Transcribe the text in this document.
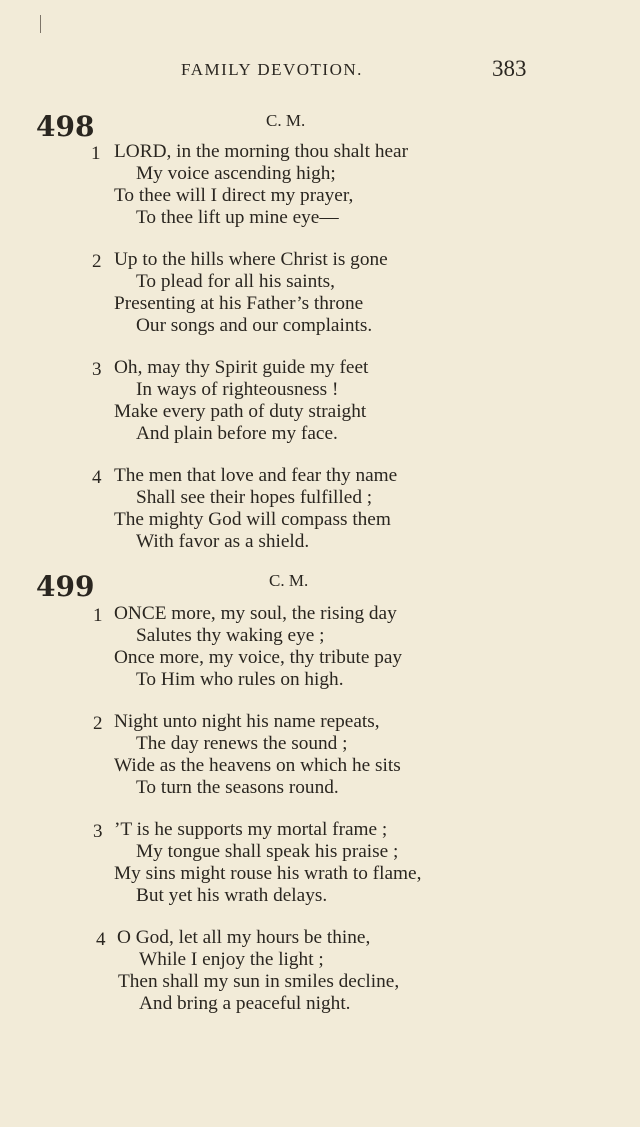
FAMILY DEVOTION.	383
498	C. M.
1 LORD, in the morning thou shalt hear
My voice ascending high;
To thee will I direct my prayer,
To thee lift up mine eye—
2 Up to the hills where Christ is gone
To plead for all his saints,
Presenting at his Father’s throne
Our songs and our complaints.
3 Oh, may thy Spirit guide my feet
In ways of righteousness !
Make every path of duty straight
And plain before my face.
4 The men that love and fear thy name
Shall see their hopes fulfilled ;
The mighty God will compass them
With favor as a shield.
499	C. M.
1 ONCE more, my soul, the rising day
Salutes thy waking eye ;
Once more, my voice, thy tribute pay
To Him who rules on high.
2 Night unto night his name repeats,
The day renews the sound ;
Wide as the heavens on which he sits
To turn the seasons round.
3 ’T is he supports my mortal frame ;
My tongue shall speak his praise ;
My sins might rouse his wrath to flame,
But yet his wrath delays.
4 O God, let all my hours be thine,
While I enjoy the light ;
Then shall my sun in smiles decline,
And bring a peaceful night.
